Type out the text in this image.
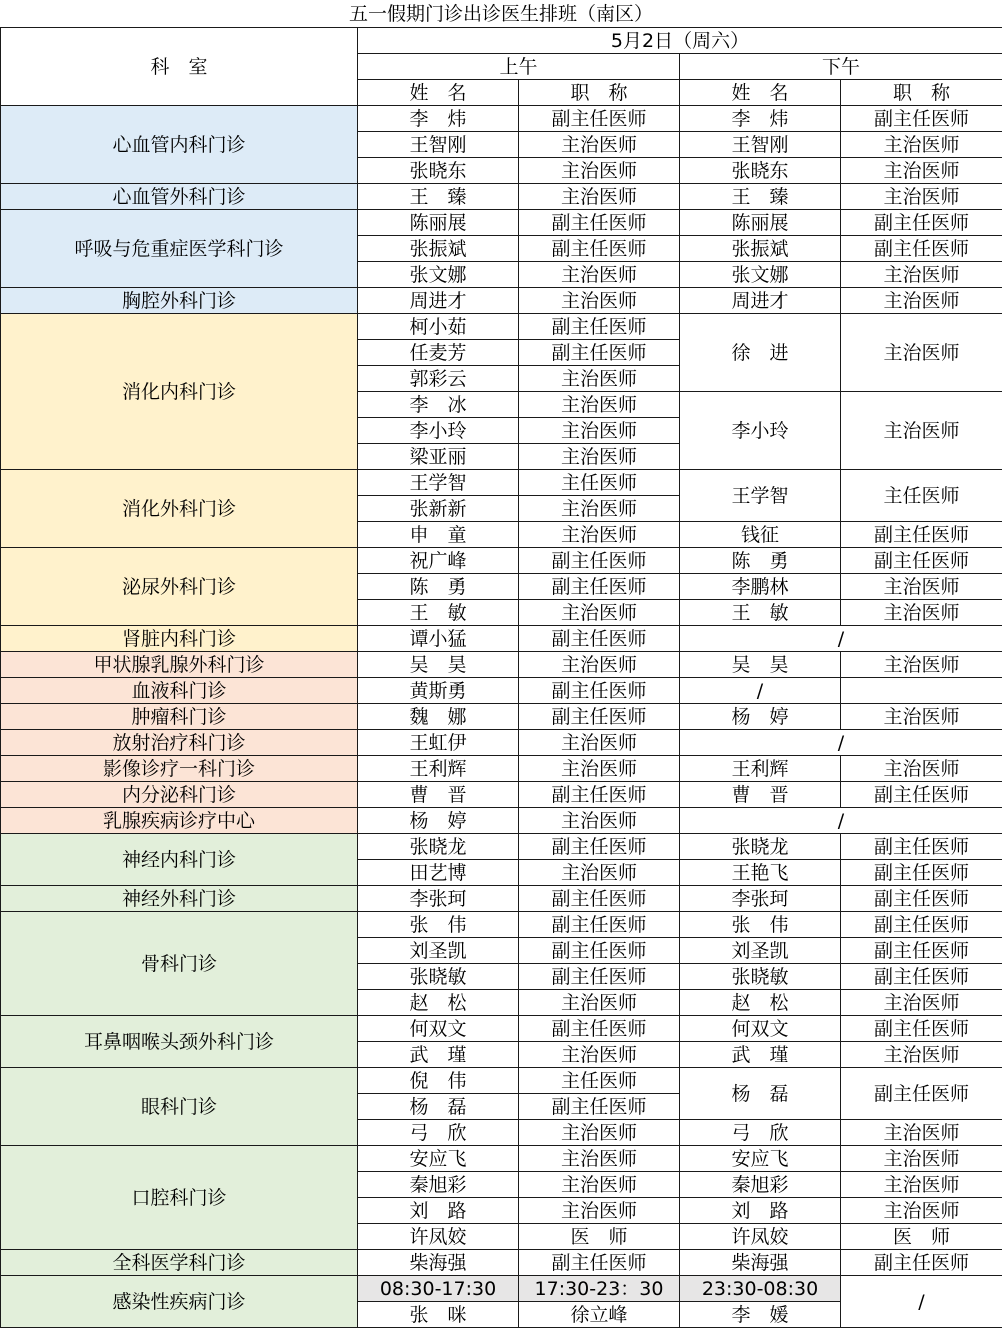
五一假期门诊出诊医生排班（南区）
科　室	5月2日（周六）			
	上午		下午	
	姓　名	职　称	姓　名	职　称
心血管内科门诊	李　炜	副主任医师	李　炜	副主任医师
	王智刚	主治医师	王智刚	主治医师
	张晓东	主治医师	张晓东	主治医师
心血管外科门诊	王　臻	主治医师	王　臻	主治医师
呼吸与危重症医学科门诊	陈丽展	副主任医师	陈丽展	副主任医师
	张振斌	副主任医师	张振斌	副主任医师
	张文娜	主治医师	张文娜	主治医师
胸腔外科门诊	周进才	主治医师	周进才	主治医师
消化内科门诊	柯小茹	副主任医师	徐　进	主治医师
	任麦芳	副主任医师		
	郭彩云	主治医师		
	李　冰	主治医师	李小玲	主治医师
	李小玲	主治医师		
	梁亚丽	主治医师		
消化外科门诊	王学智	主任医师	王学智	主任医师
	张新新	主治医师		
	申　童	主治医师	钱征	副主任医师
泌尿外科门诊	祝广峰	副主任医师	陈　勇	副主任医师
	陈　勇	副主任医师	李鹏林	主治医师
	王　敏	主治医师	王　敏	主治医师
肾脏内科门诊	谭小猛	副主任医师	/	
甲状腺乳腺外科门诊	吴　昊	主治医师	吴　昊	主治医师
血液科门诊	黄斯勇	副主任医师	/	
肿瘤科门诊	魏　娜	副主任医师	杨　婷	主治医师
放射治疗科门诊	王虹伊	主治医师	/	
影像诊疗一科门诊	王利辉	主治医师	王利辉	主治医师
内分泌科门诊	曹　晋	副主任医师	曹　晋	副主任医师
乳腺疾病诊疗中心	杨　婷	主治医师	/	
神经内科门诊	张晓龙	副主任医师	张晓龙	副主任医师
	田艺博	主治医师	王艳飞	副主任医师
神经外科门诊	李张珂	副主任医师	李张珂	副主任医师
骨科门诊	张　伟	副主任医师	张　伟	副主任医师
	刘圣凯	副主任医师	刘圣凯	副主任医师
	张晓敏	副主任医师	张晓敏	副主任医师
	赵　松	主治医师	赵　松	主治医师
耳鼻咽喉头颈外科门诊	何双文	副主任医师	何双文	副主任医师
	武　瑾	主治医师	武　瑾	主治医师
眼科门诊	倪　伟	主任医师	杨　磊	副主任医师
	杨　磊	副主任医师		
	弓　欣	主治医师	弓　欣	主治医师
口腔科门诊	安应飞	主治医师	安应飞	主治医师
	秦旭彩	主治医师	秦旭彩	主治医师
	刘　路	主治医师	刘　路	主治医师
	许凤姣	医　师	许凤姣	医　师
全科医学科门诊	柴海强	副主任医师	柴海强	副主任医师
感染性疾病门诊	08:30-17:30	17:30-23：30	23:30-08:30	/
	张　咪	徐立峰	李　媛	
